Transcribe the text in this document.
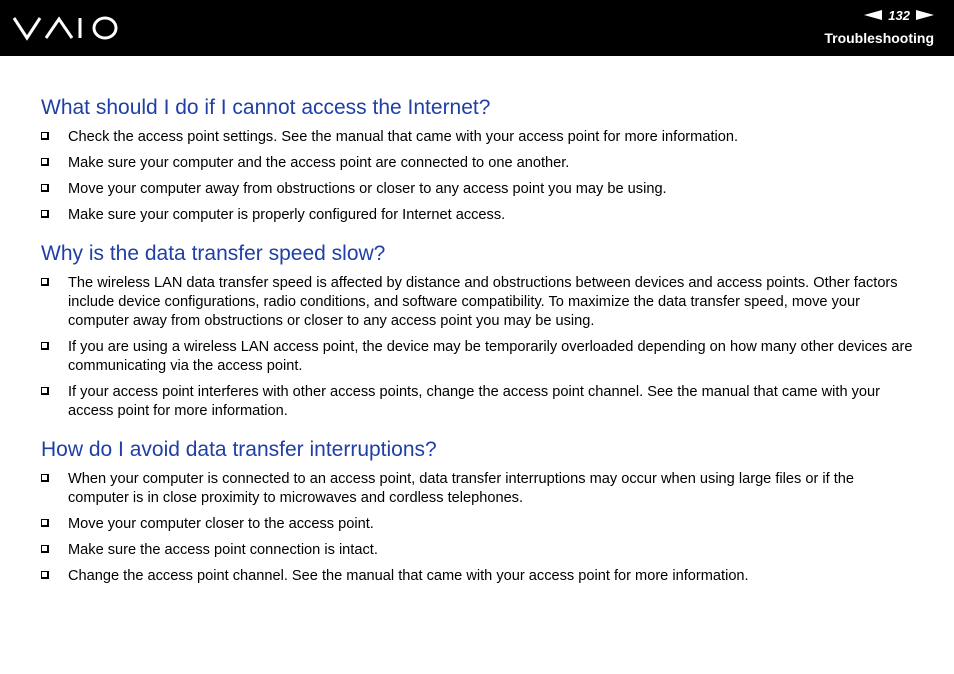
132
Troubleshooting
What should I do if I cannot access the Internet?
Check the access point settings. See the manual that came with your access point for more information.
Make sure your computer and the access point are connected to one another.
Move your computer away from obstructions or closer to any access point you may be using.
Make sure your computer is properly configured for Internet access.
Why is the data transfer speed slow?
The wireless LAN data transfer speed is affected by distance and obstructions between devices and access points. Other factors include device configurations, radio conditions, and software compatibility. To maximize the data transfer speed, move your computer away from obstructions or closer to any access point you may be using.
If you are using a wireless LAN access point, the device may be temporarily overloaded depending on how many other devices are communicating via the access point.
If your access point interferes with other access points, change the access point channel. See the manual that came with your access point for more information.
How do I avoid data transfer interruptions?
When your computer is connected to an access point, data transfer interruptions may occur when using large files or if the computer is in close proximity to microwaves and cordless telephones.
Move your computer closer to the access point.
Make sure the access point connection is intact.
Change the access point channel. See the manual that came with your access point for more information.
